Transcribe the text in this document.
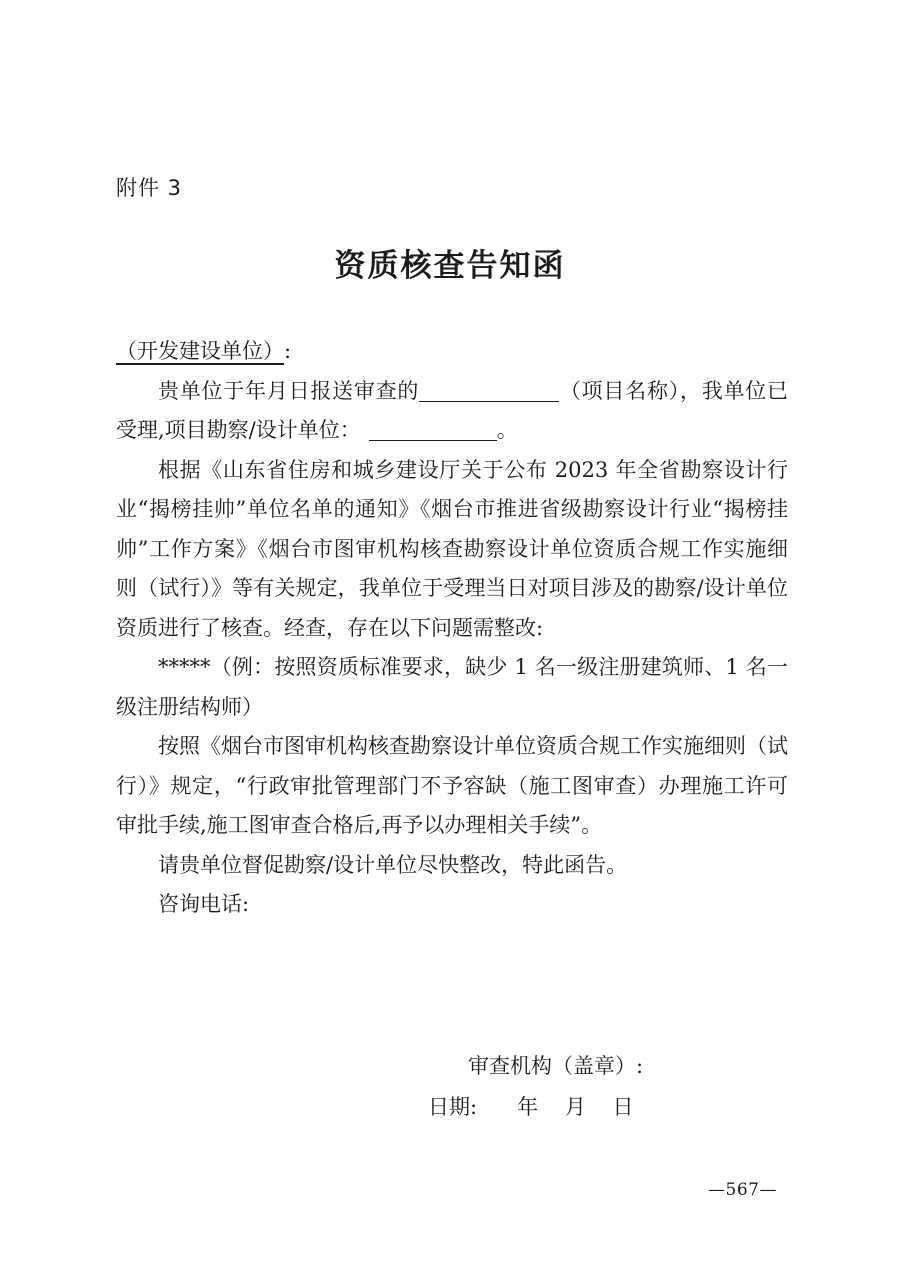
附件 3
资质核查告知函

（开发建设单位）:

贵单位于年月日报送审查的	（项目名称），我单位已受理,项目勘察/设计单位：	。

根据《山东省住房和城乡建设厅关于公布 2023 年全省勘察设计行业“揭榜挂帅”单位名单的通知》《烟台市推进省级勘察设计行业“揭榜挂帅”工作方案》《烟台市图审机构核查勘察设计单位资质合规工作实施细则（试行）》等有关规定，我单位于受理当日对项目涉及的勘察/设计单位资质进行了核查。经查，存在以下问题需整改:

*****（例：按照资质标准要求，缺少 1 名一级注册建筑师、1 名一级注册结构师）

按照《烟台市图审机构核查勘察设计单位资质合规工作实施细则（试行）》规定，“行政审批管理部门不予容缺（施工图审查）办理施工许可审批手续,施工图审查合格后,再予以办理相关手续”。

请贵单位督促勘察/设计单位尽快整改，特此函告。

咨询电话:

审查机构（盖章）:
日期:      年    月    日
—567—
